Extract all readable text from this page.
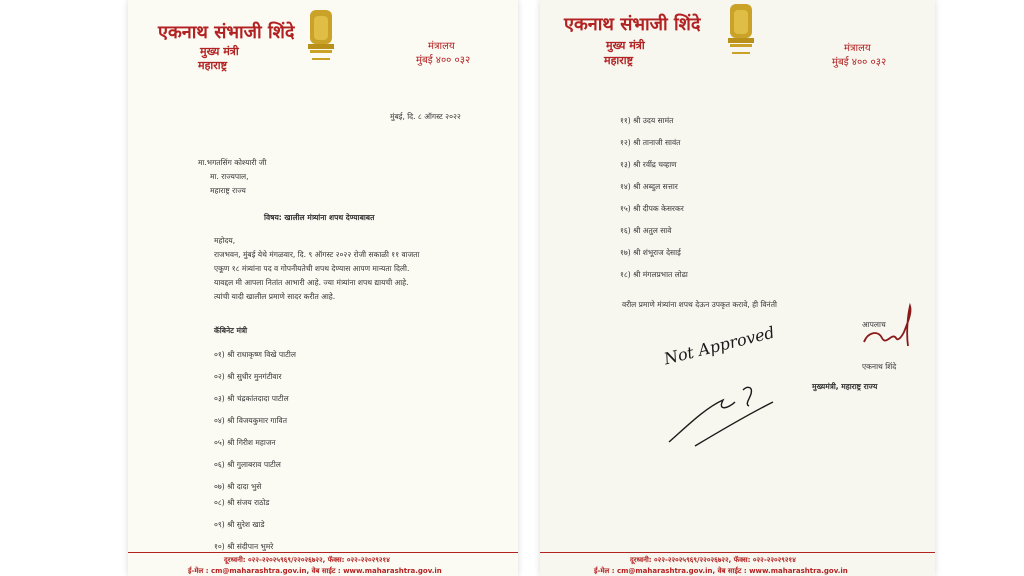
एकनाथ संभाजी शिंदे
मुख्य मंत्री
महाराष्ट्र
मंत्रालय
मुंबई ४०० ०३२
मुंबई, दि. ८ ऑगस्ट २०२२
मा.भगतसिंग कोश्यारी जी
मा. राज्यपाल,
महाराष्ट्र राज्य
विषय: खालील मंत्र्यांना शपथ देण्याबाबत
महोदय,
राजभवन, मुंबई येथे मंगळवार, दि. ९ ऑगस्ट २०२२ रोजी सकाळी ११ वाजता
एकूण १८ मंत्र्यांना पद व गोपनीयतेची शपथ देण्यास आपण मान्यता दिली.
यावद्दल मी आपला नितांत आभारी आहे. ज्या मंत्र्यांना शपथ द्यायची आहे.
त्यांची यादी खालील प्रमाणे सादर करीत आहे.
कॅबिनेट मंत्री
०१) श्री राधाकृष्ण विखे पाटील
०२) श्री सुधीर मुनगंटीवार
०३) श्री चंद्रकांतदादा पाटील
०४) श्री विजयकुमार गावित
०५) श्री गिरीश महाजन
०६) श्री गुलाबराव पाटील
०७) श्री दादा भुसे
०८) श्री संजय राठोड
०९) श्री सुरेश खाडे
१०) श्री संदीपान भुमरे
दूरध्वनी: ०२२-२२०२५९६९/२२०२६७२२, फॅक्स: ०२२-२२०२९२१४
ई-मेल : cm@maharashtra.gov.in, वेब साईट : www.maharashtra.gov.in
एकनाथ संभाजी शिंदे
मुख्य मंत्री
महाराष्ट्र
मंत्रालय
मुंबई ४०० ०३२
११) श्री उदय सामंत
१२) श्री तानाजी सावंत
१३) श्री रवींद्र चव्हाण
१४) श्री अब्दुल सत्तार
१५) श्री दीपक केसरकर
१६) श्री अतुल सावे
१७) श्री शंभूराज देसाई
१८) श्री मंगलप्रभात लोढा
वरील प्रमाणे मंत्र्यांना शपथ देऊन उपकृत करावे, ही विनंती
आपलाच
एकनाथ शिंदे
मुख्यमंत्री, महाराष्ट्र राज्य
Not Approved
दूरध्वनी: ०२२-२२०२५९६९/२२०२६७२२, फॅक्स: ०२२-२२०२९२१४
ई-मेल : cm@maharashtra.gov.in, वेब साईट : www.maharashtra.gov.in
